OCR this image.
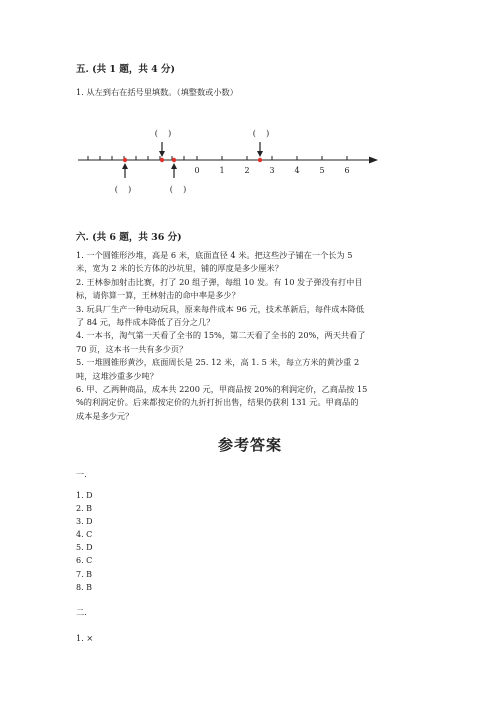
五. (共 1 题，共 4 分)
1. 从左到右在括号里填数。（填整数或小数）
0 1 2 3 4 5 6
(    )	(    )
(    )	(    )
六. (共 6 题，共 36 分)
1. 一个圆锥形沙堆，高是 6 米，底面直径 4 米。把这些沙子铺在一个长为 5
米，宽为 2 米的长方体的沙坑里，铺的厚度是多少厘米？
2. 王林参加射击比赛，打了 20 组子弹，每组 10 发。有 10 发子弹没有打中目
标，请你算一算，王林射击的命中率是多少？
3. 玩具厂生产一种电动玩具，原来每件成本 96 元，技术革新后，每件成本降低
了 84 元，每件成本降低了百分之几？
4. 一本书，淘气第一天看了全书的 15%，第二天看了全书的 20%，两天共看了
70 页，这本书一共有多少页？
5. 一堆圆锥形黄沙，底面周长是 25. 12 米，高 1. 5 米，每立方米的黄沙重 2
吨，这堆沙重多少吨？
6. 甲、乙两种商品，成本共 2200 元，甲商品按 20%的利润定价，乙商品按 15
%的利润定价。后来都按定价的九折打折出售，结果仍获利 131 元。甲商品的
成本是多少元？
参考答案
一.
1. D
2. B
3. D
4. C
5. D
6. C
7. B
8. B
二.
1. ×
